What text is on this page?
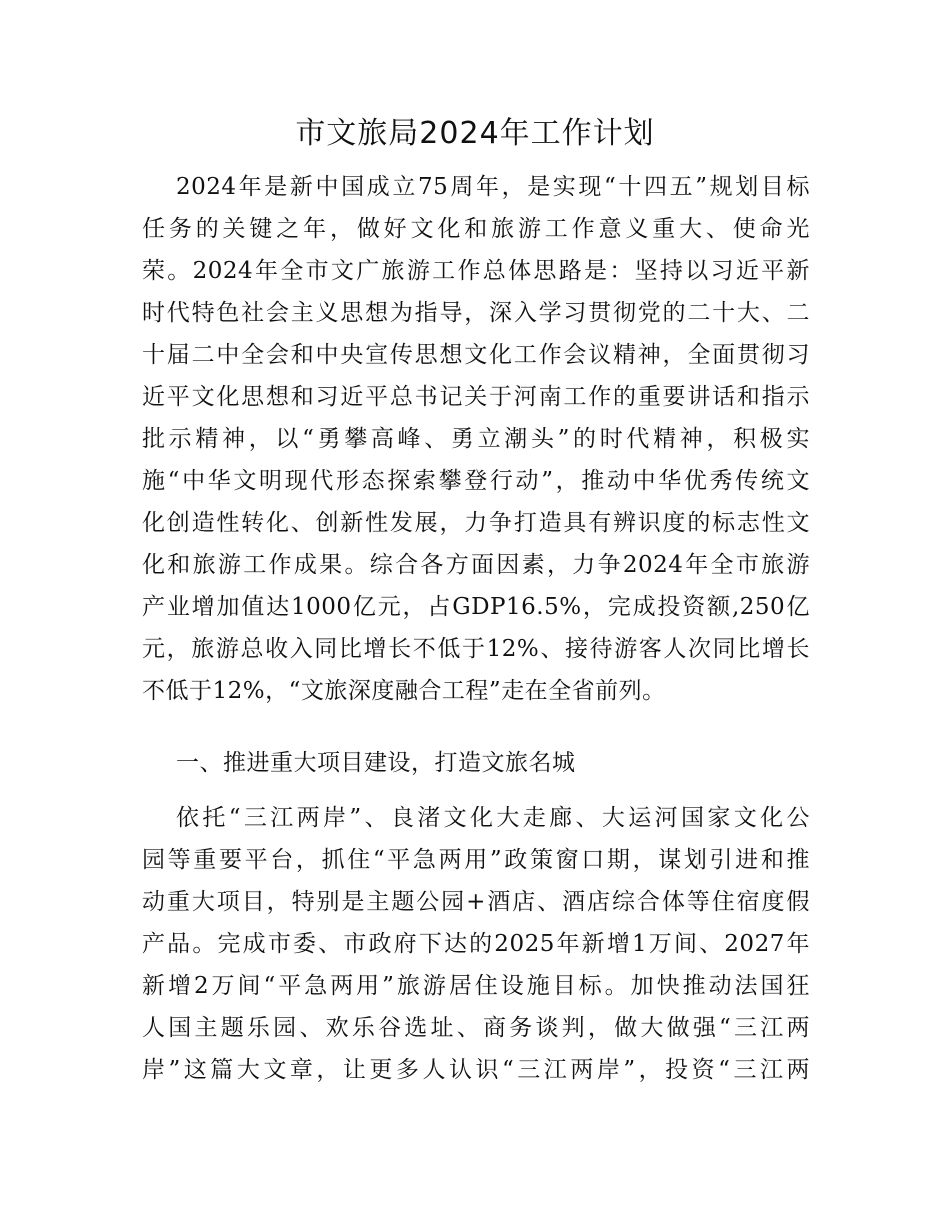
市文旅局2024年工作计划
2024年是新中国成立75周年，是实现“十四五”规划目标
任务的关键之年，做好文化和旅游工作意义重大、使命光
荣。2024年全市文广旅游工作总体思路是：坚持以习近平新
时代特色社会主义思想为指导，深入学习贯彻党的二十大、二
十届二中全会和中央宣传思想文化工作会议精神，全面贯彻习
近平文化思想和习近平总书记关于河南工作的重要讲话和指示
批示精神，以“勇攀高峰、勇立潮头”的时代精神，积极实
施“中华文明现代形态探索攀登行动”，推动中华优秀传统文
化创造性转化、创新性发展，力争打造具有辨识度的标志性文
化和旅游工作成果。综合各方面因素，力争2024年全市旅游
产业增加值达1000亿元，占GDP16.5%，完成投资额,250亿
元，旅游总收入同比增长不低于12%、接待游客人次同比增长
不低于12%，“文旅深度融合工程”走在全省前列。
一、推进重大项目建设，打造文旅名城
依托“三江两岸”、良渚文化大走廊、大运河国家文化公
园等重要平台，抓住“平急两用”政策窗口期，谋划引进和推
动重大项目，特别是主题公园+酒店、酒店综合体等住宿度假
产品。完成市委、市政府下达的2025年新增1万间、2027年
新增2万间“平急两用”旅游居住设施目标。加快推动法国狂
人国主题乐园、欢乐谷选址、商务谈判，做大做强“三江两
岸”这篇大文章，让更多人认识“三江两岸”，投资“三江两
